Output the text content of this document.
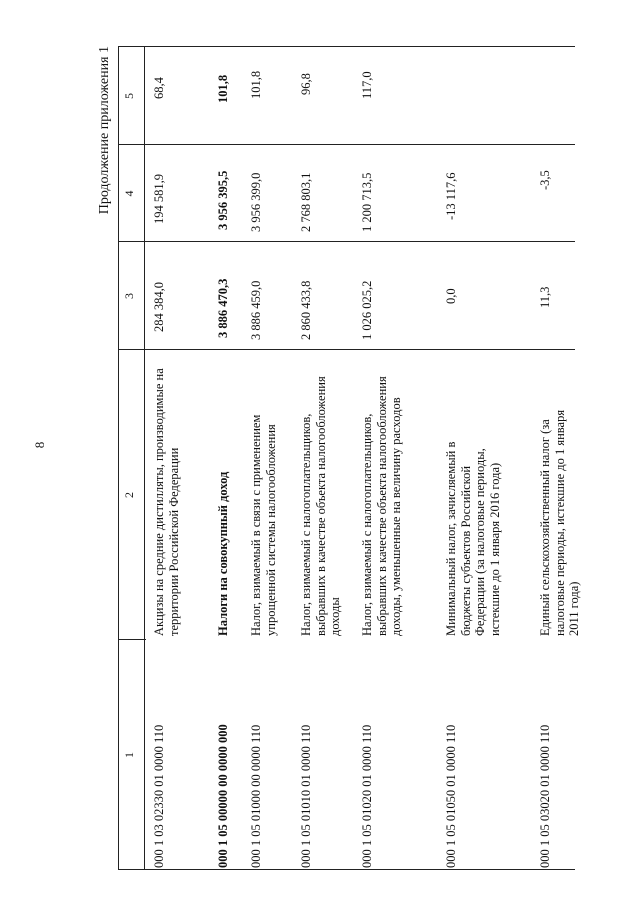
8
Продолжение приложения 1
1
2
3
4
5
000 1 03 02330 01 0000 110
Акцизы на средние дистилляты, производимые на территории Российской Федерации
284 384,0
194 581,9
68,4
000 1 05 00000 00 0000 000
Налоги на совокупный доход
3 886 470,3
3 956 395,5
101,8
000 1 05 01000 00 0000 110
Налог, взимаемый в связи с применением упрощенной системы налогообложения
3 886 459,0
3 956 399,0
101,8
000 1 05 01010 01 0000 110
Налог, взимаемый с налогоплательщиков, выбравших в качестве объекта налогообложения доходы
2 860 433,8
2 768 803,1
96,8
000 1 05 01020 01 0000 110
Налог, взимаемый с налогоплательщиков, выбравших в качестве объекта налогообложения доходы, уменьшенные на величину расходов
1 026 025,2
1 200 713,5
117,0
000 1 05 01050 01 0000 110
Минимальный налог, зачисляемый в бюджеты субъектов Российской Федерации (за налоговые периоды, истекшие до 1 января 2016 года)
0,0
-13 117,6
000 1 05 03020 01 0000 110
Единый сельскохозяйственный налог (за налоговые периоды, истекшие до 1 января 2011 года)
11,3
-3,5
